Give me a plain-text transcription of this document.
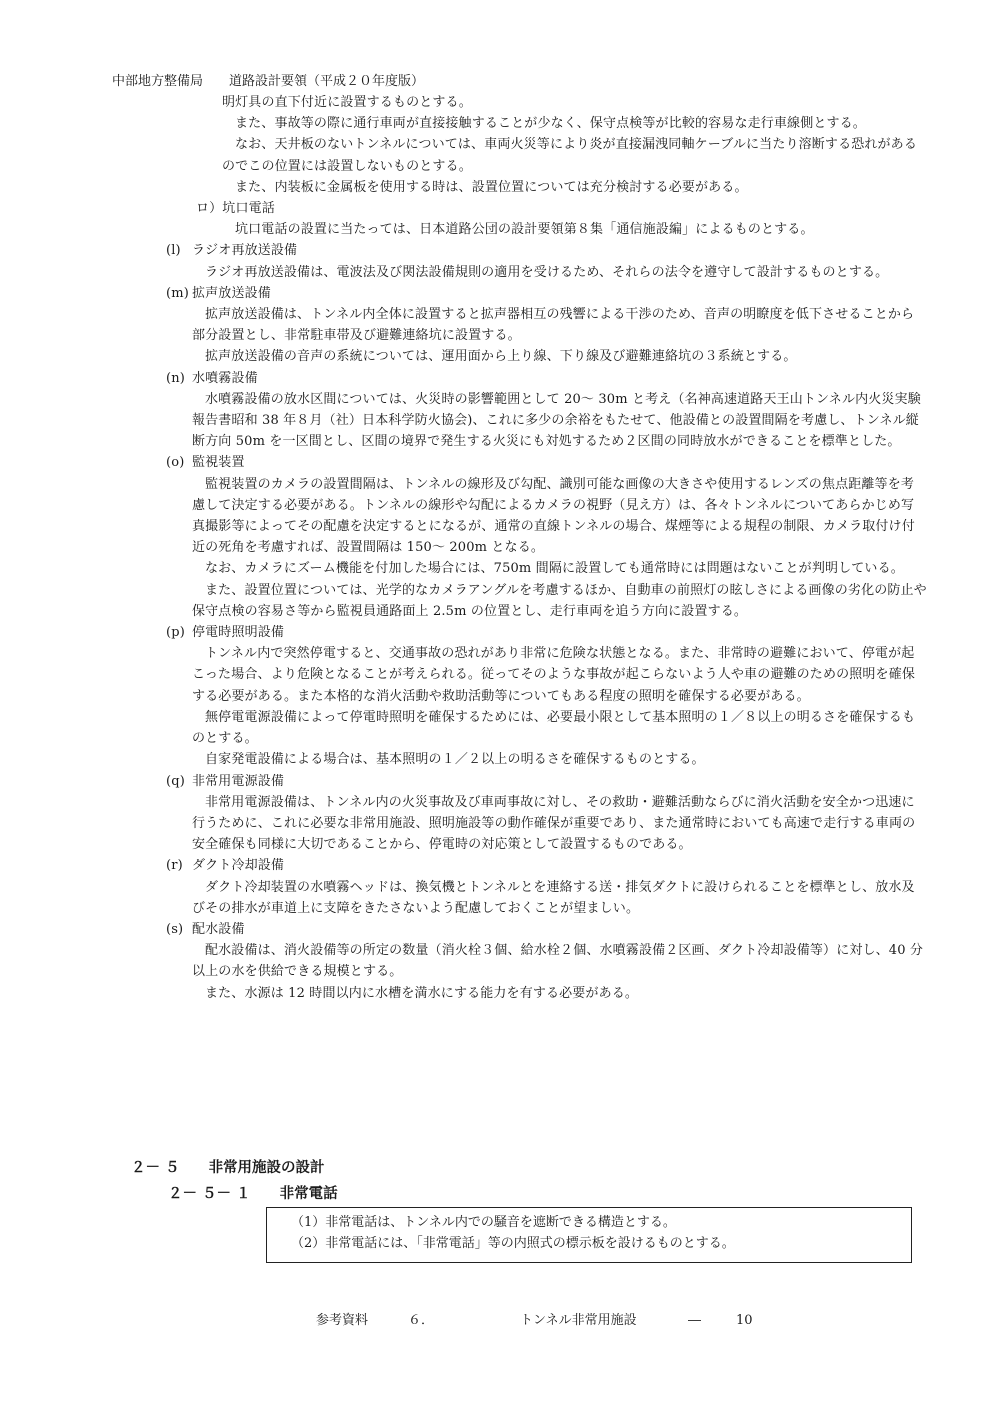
中部地方整備局　　道路設計要領（平成２０年度版）
明灯具の直下付近に設置するものとする。
また、事故等の際に通行車両が直接接触することが少なく、保守点検等が比較的容易な走行車線側とする。
なお、天井板のないトンネルについては、車両火災等により炎が直接漏洩同軸ケーブルに当たり溶断する恐れがあるのでこの位置には設置しないものとする。
また、内装板に金属板を使用する時は、設置位置については充分検討する必要がある。
ロ）坑口電話
坑口電話の設置に当たっては、日本道路公団の設計要領第８集「通信施設編」によるものとする。
(l) ラジオ再放送設備
ラジオ再放送設備は、電波法及び関法設備規則の適用を受けるため、それらの法令を遵守して設計するものとする。
(m) 拡声放送設備
拡声放送設備は、トンネル内全体に設置すると拡声器相互の残響による干渉のため、音声の明瞭度を低下させることから部分設置とし、非常駐車帯及び避難連絡坑に設置する。
拡声放送設備の音声の系統については、運用面から上り線、下り線及び避難連絡坑の３系統とする。
(n) 水噴霧設備
水噴霧設備の放水区間については、火災時の影響範囲として 20～ 30m と考え（名神高速道路天王山トンネル内火災実験報告書昭和 38 年８月（社）日本科学防火協会)、これに多少の余裕をもたせて、他設備との設置間隔を考慮し、トンネル縦断方向 50m を一区間とし、区間の境界で発生する火災にも対処するため２区間の同時放水ができることを標準とした。
(o) 監視装置
監視装置のカメラの設置間隔は、トンネルの線形及び勾配、識別可能な画像の大きさや使用するレンズの焦点距離等を考慮して決定する必要がある。トンネルの線形や勾配によるカメラの視野（見え方）は、各々トンネルについてあらかじめ写真撮影等によってその配慮を決定するとになるが、通常の直線トンネルの場合、煤煙等による規程の制限、カメラ取付け付近の死角を考慮すれば、設置間隔は 150～ 200m となる。
なお、カメラにズーム機能を付加した場合には、750m 間隔に設置しても通常時には問題はないことが判明している。
また、設置位置については、光学的なカメラアングルを考慮するほか、自動車の前照灯の眩しさによる画像の劣化の防止や保守点検の容易さ等から監視員通路面上 2.5m の位置とし、走行車両を追う方向に設置する。
(p) 停電時照明設備
トンネル内で突然停電すると、交通事故の恐れがあり非常に危険な状態となる。また、非常時の避難において、停電が起こった場合、より危険となることが考えられる。従ってそのような事故が起こらないよう人や車の避難のための照明を確保する必要がある。また本格的な消火活動や救助活動等についてもある程度の照明を確保する必要がある。
無停電電源設備によって停電時照明を確保するためには、必要最小限として基本照明の１／８以上の明るさを確保するものとする。
自家発電設備による場合は、基本照明の１／２以上の明るさを確保するものとする。
(q) 非常用電源設備
非常用電源設備は、トンネル内の火災事故及び車両事故に対し、その救助・避難活動ならびに消火活動を安全かつ迅速に行うために、これに必要な非常用施設、照明施設等の動作確保が重要であり、また通常時においても高速で走行する車両の安全確保も同様に大切であることから、停電時の対応策として設置するものである。
(r) ダクト冷却設備
ダクト冷却装置の水噴霧ヘッドは、換気機とトンネルとを連絡する送・排気ダクトに設けられることを標準とし、放水及びその排水が車道上に支障をきたさないよう配慮しておくことが望ましい。
(s) 配水設備
配水設備は、消火設備等の所定の数量（消火栓３個、給水栓２個、水噴霧設備２区画、ダクト冷却設備等）に対し、40 分以上の水を供給できる規模とする。
また、水源は 12 時間以内に水槽を満水にする能力を有する必要がある。
２－ ５　　 非常用施設の設計
２－ ５－ １　　 非常電話
（1）非常電話は、トンネル内での騒音を遮断できる構造とする。
（2）非常電話には、「非常電話」等の内照式の標示板を設けるものとする。
参考資料	６．	トンネル非常用施設	―	10
